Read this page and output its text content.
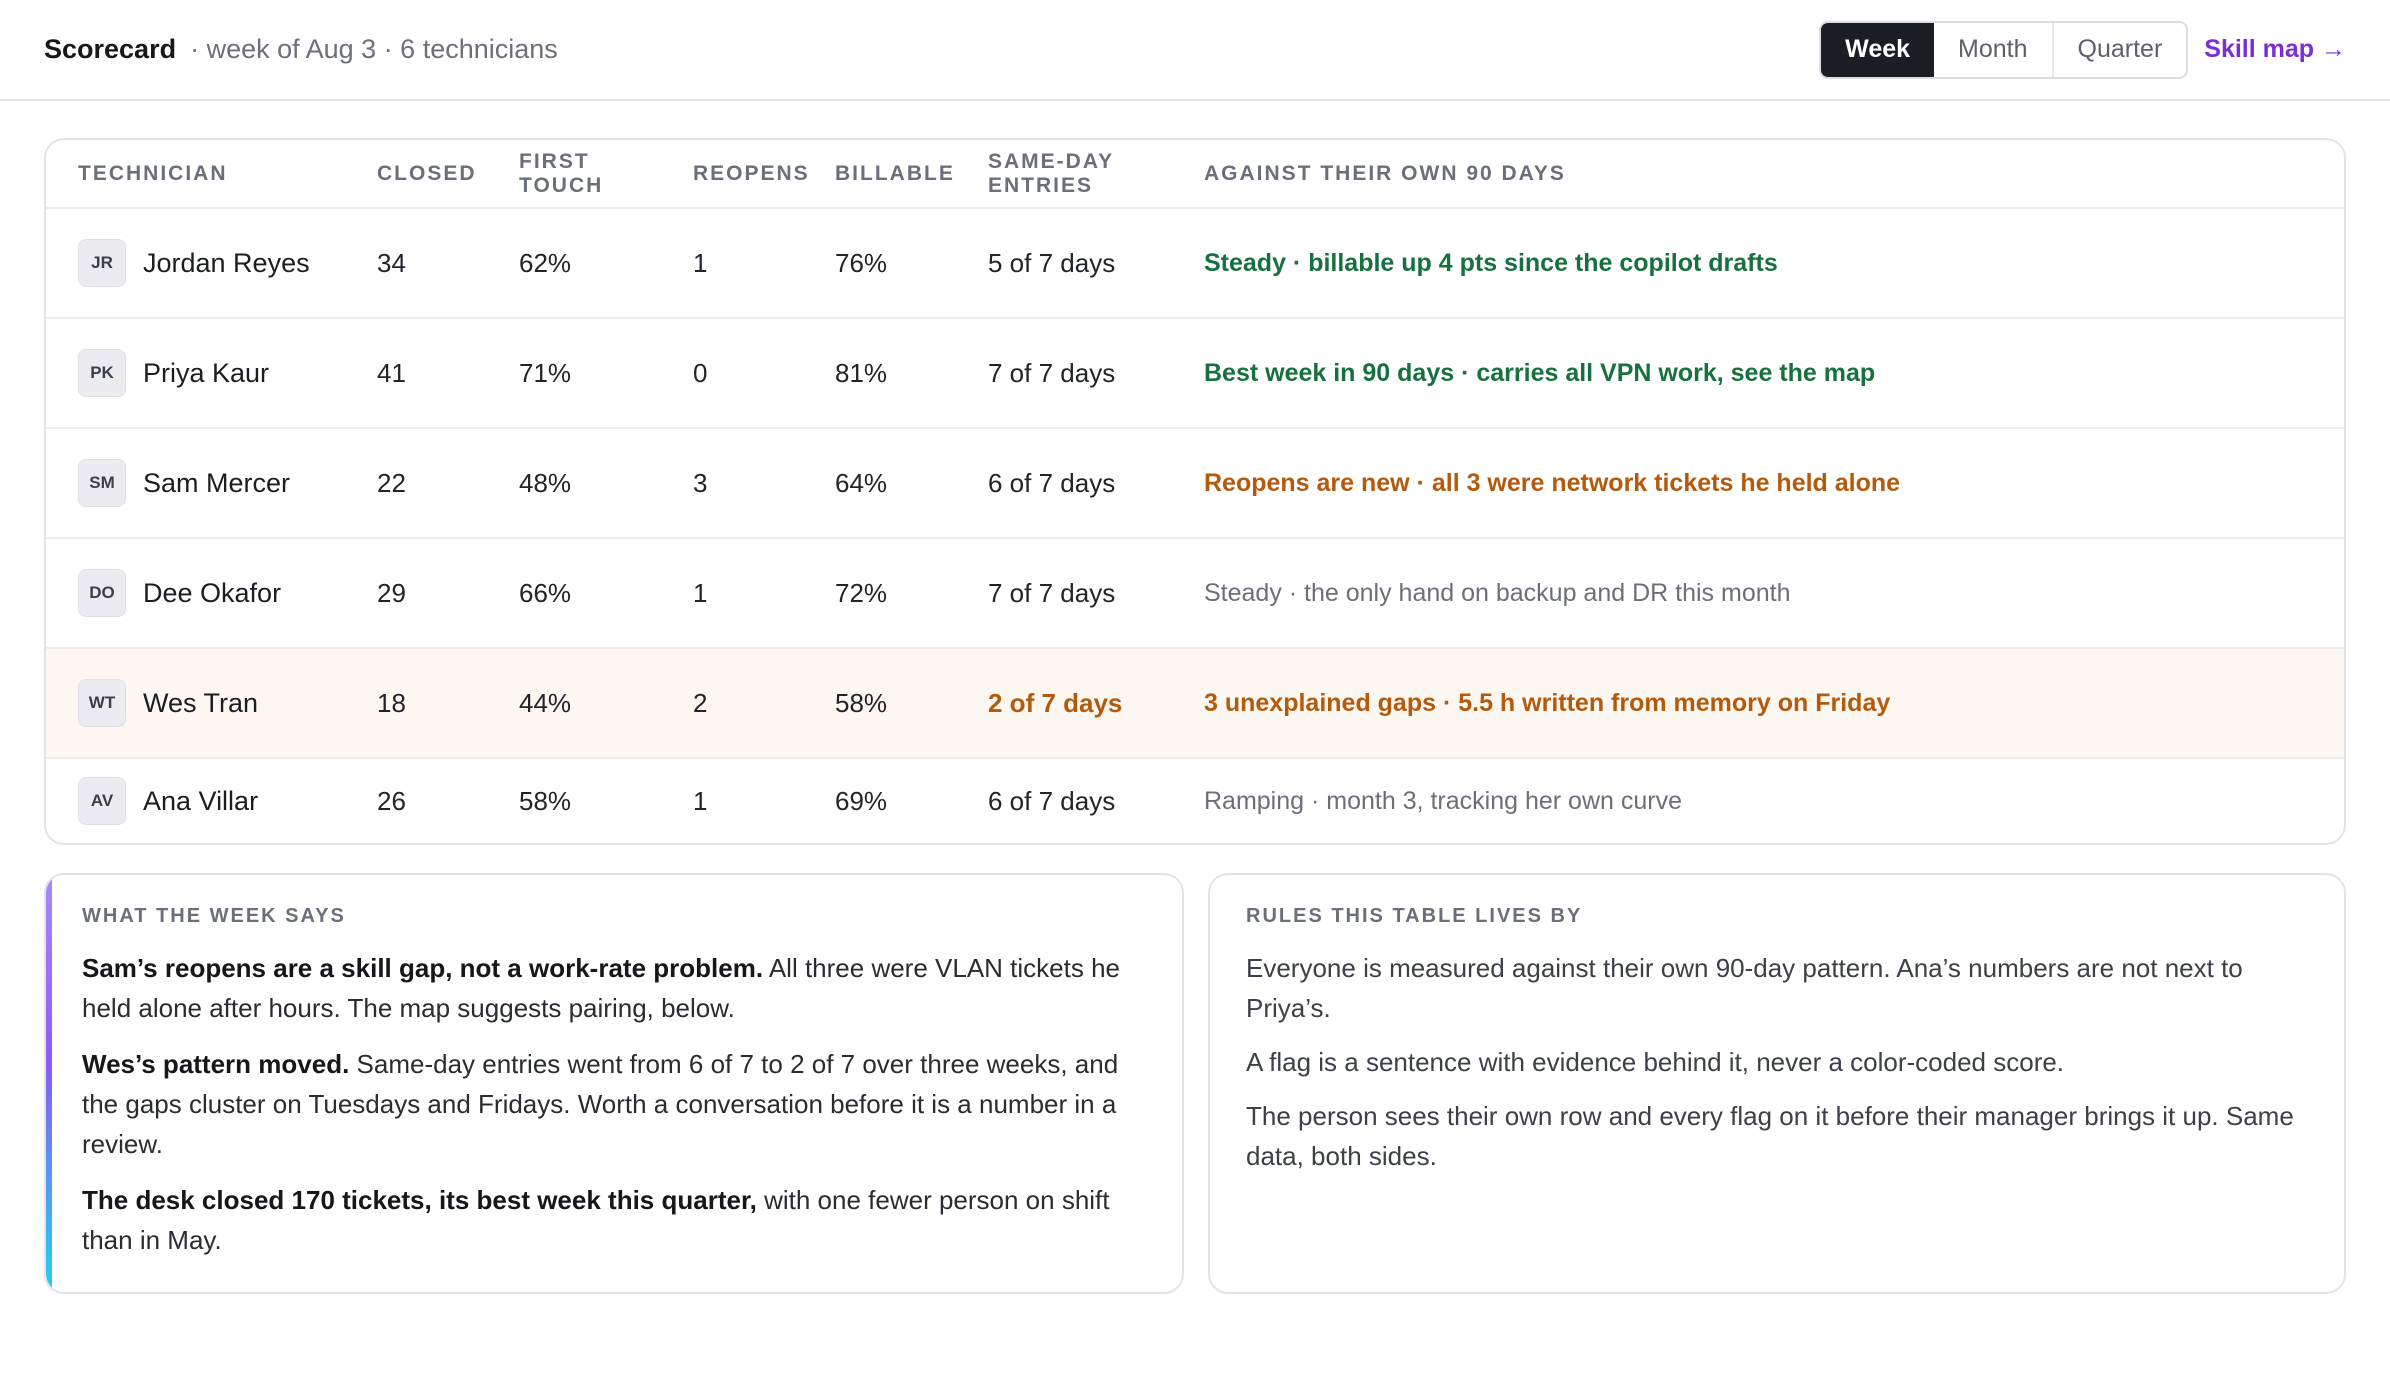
Scorecard · week of Aug 3 · 6 technicians	Week	Month	Quarter	Skill map →
TECHNICIAN	CLOSED	FIRST TOUCH	REOPENS	BILLABLE	SAME-DAY ENTRIES	AGAINST THEIR OWN 90 DAYS

JR Jordan Reyes	34	62%	1	76%	5 of 7 days	Steady · billable up 4 pts since the copilot drafts

PK Priya Kaur	41	71%	0	81%	7 of 7 days	Best week in 90 days · carries all VPN work, see the map

SM Sam Mercer	22	48%	3	64%	6 of 7 days	Reopens are new · all 3 were network tickets he held alone

DO Dee Okafor	29	66%	1	72%	7 of 7 days	Steady · the only hand on backup and DR this month

WT Wes Tran	18	44%	2	58%	2 of 7 days	3 unexplained gaps · 5.5 h written from memory on Friday

AV Ana Villar	26	58%	1	69%	6 of 7 days	Ramping · month 3, tracking her own curve
WHAT THE WEEK SAYS

Sam’s reopens are a skill gap, not a work-rate problem. All three were VLAN tickets he held alone after hours. The map suggests pairing, below.

Wes’s pattern moved. Same-day entries went from 6 of 7 to 2 of 7 over three weeks, and the gaps cluster on Tuesdays and Fridays. Worth a conversation before it is a number in a review.

The desk closed 170 tickets, its best week this quarter, with one fewer person on shift than in May.

RULES THIS TABLE LIVES BY

Everyone is measured against their own 90-day pattern. Ana’s numbers are not next to Priya’s.

A flag is a sentence with evidence behind it, never a color-coded score.

The person sees their own row and every flag on it before their manager brings it up. Same data, both sides.
